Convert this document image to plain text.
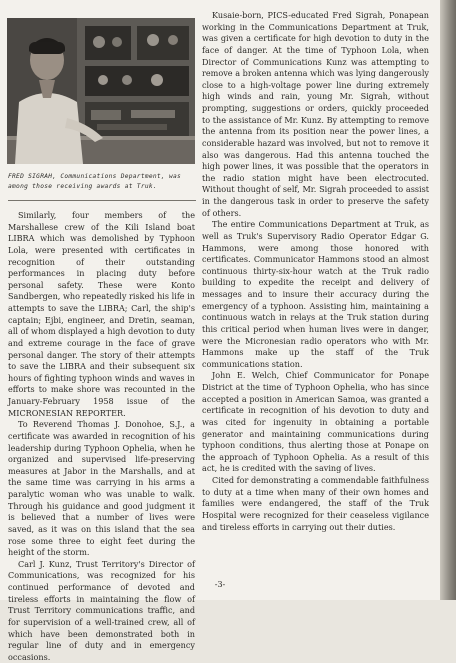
FRED SIGRAH, Communications Department, was among those receiving awards at Truk.

Similarly, four members of the Marshallese crew of the Kili Island boat LIBRA which was demolished by Typhoon Lola, were presented with certificates in recognition of their outstanding performances in placing duty before personal safety. These were Konto Sandbergen, who repeatedly risked his life in attempts to save the LIBRA; Carl, the ship's captain; Ejbi, engineer, and Dretin, seaman, all of whom displayed a high devotion to duty and extreme courage in the face of grave personal danger. The story of their attempts to save the LIBRA and their subsequent six hours of fighting typhoon winds and waves in efforts to make shore was recounted in the January-February 1958 issue of the MICRONESIAN REPORTER.

To Reverend Thomas J. Donohoe, S.J., a certificate was awarded in recognition of his leadership during Typhoon Ophelia, when he organized and supervised life-preserving measures at Jabor in the Marshalls, and at the same time was carrying in his arms a paralytic woman who was unable to walk. Through his guidance and good judgment it is believed that a number of lives were saved, as it was on this island that the sea rose some three to eight feet during the height of the storm.

Carl J. Kunz, Trust Territory's Director of Communications, was recognized for his continued performance of devoted and tireless efforts in maintaining the flow of Trust Territory communications traffic, and for supervision of a well-trained crew, all of which have been demonstrated both in regular line of duty and in emergency occasions.

Kusaie-born, PICS-educated Fred Sigrah, Ponapean working in the Communications Department at Truk, was given a certificate for high devotion to duty in the face of danger. At the time of Typhoon Lola, when Director of Communications Kunz was attempting to remove a broken antenna which was lying dangerously close to a high-voltage power line during extremely high winds and rain, young Mr. Sigrah, without prompting, suggestions or orders, quickly proceeded to the assistance of Mr. Kunz. By attempting to remove the antenna from its position near the power lines, a considerable hazard was involved, but not to remove it also was dangerous. Had this antenna touched the high power lines, it was possible that the operators in the radio station might have been electrocuted. Without thought of self, Mr. Sigrah proceeded to assist in the dangerous task in order to preserve the safety of others.

The entire Communications Department at Truk, as well as Truk's Supervisory Radio Operator Edgar G. Hammons, were among those honored with certificates. Communicator Hammons stood an almost continuous thirty-six-hour watch at the Truk radio building to expedite the receipt and delivery of messages and to insure their accuracy during the emergency of a typhoon. Assisting him, maintaining a continuous watch in relays at the Truk station during this critical period when human lives were in danger, were the Micronesian radio operators who with Mr. Hammons make up the staff of the Truk communications station.

John E. Welch, Chief Communicator for Ponape District at the time of Typhoon Ophelia, who has since accepted a position in American Samoa, was granted a certificate in recognition of his devotion to duty and was cited for ingenuity in obtaining a portable generator and maintaining communications during typhoon conditions, thus alerting those at Ponape on the approach of Typhoon Ophelia. As a result of this act, he is credited with the saving of lives.

Cited for demonstrating a commendable faithfulness to duty at a time when many of their own homes and families were endangered, the staff of the Truk Hospital were recognized for their ceaseless vigilance and tireless efforts in carrying out their duties.

-3-
